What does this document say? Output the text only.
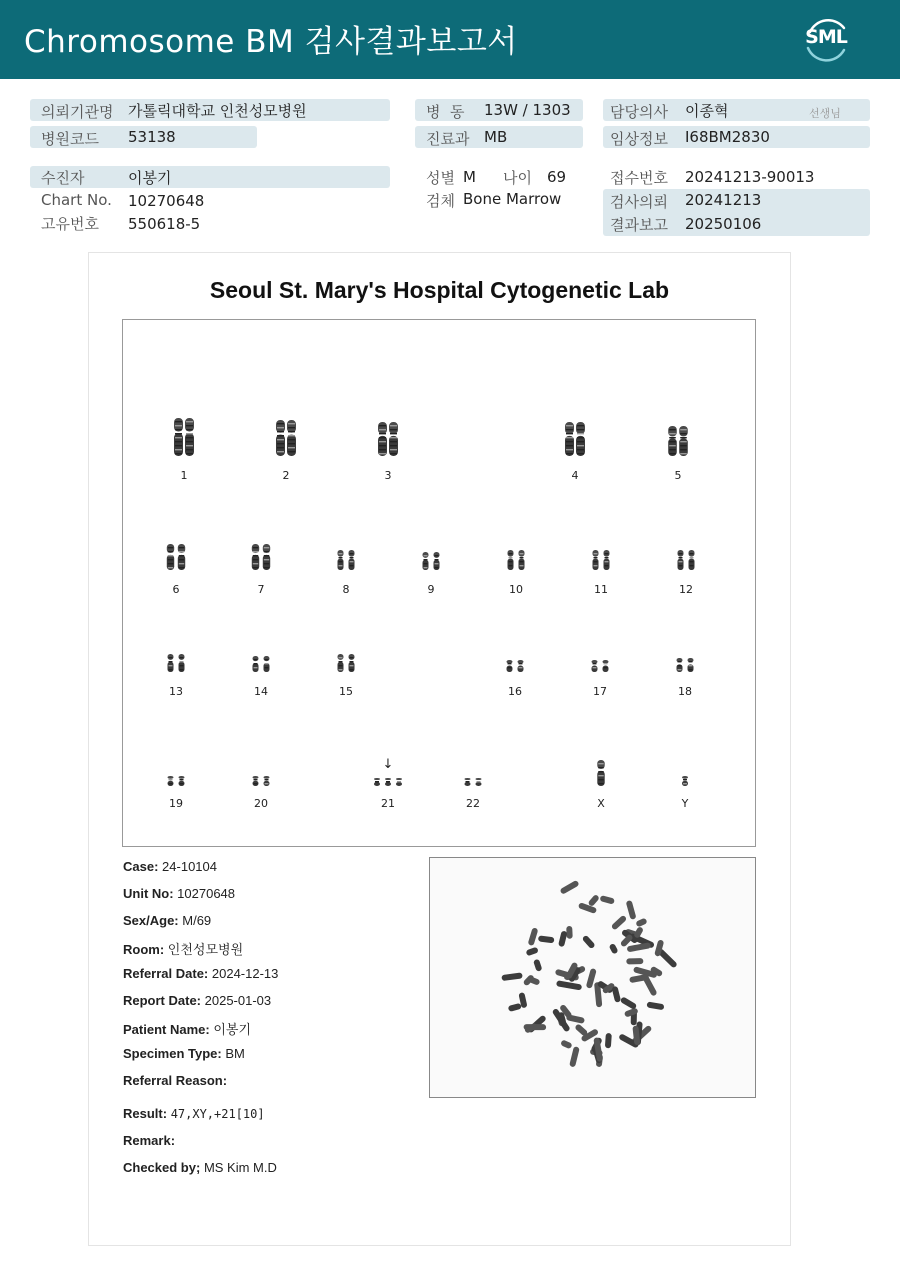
Chromosome BM 검사결과보고서	SML
의뢰기관명 가톨릭대학교 인천성모병원
병원코드 53138
병  동 13W / 1303
진료과 MB
담당의사 이종혁	선생님
임상정보 I68BM2830
수진자	이봉기
Chart No. 10270648
고유번호 550618-5
성별 M 나이 69
검체 Bone Marrow
접수번호 20241213-90013
검사의뢰 20241213
결과보고 20250106
Seoul St. Mary's Hospital Cytogenetic Lab
1	2	3	4	5
6	7	8	9	10	11	12
13	14	15	16	17	18
19	20	21	22	X	Y
↓
Case: 24-10104
Unit No: 10270648
Sex/Age: M/69
Room: 인천성모병원
Referral Date: 2024-12-13
Report Date: 2025-01-03
Patient Name: 이봉기
Specimen Type: BM
Referral Reason:
Result: 47,XY,+21[10]
Remark:
Checked by; MS Kim M.D
